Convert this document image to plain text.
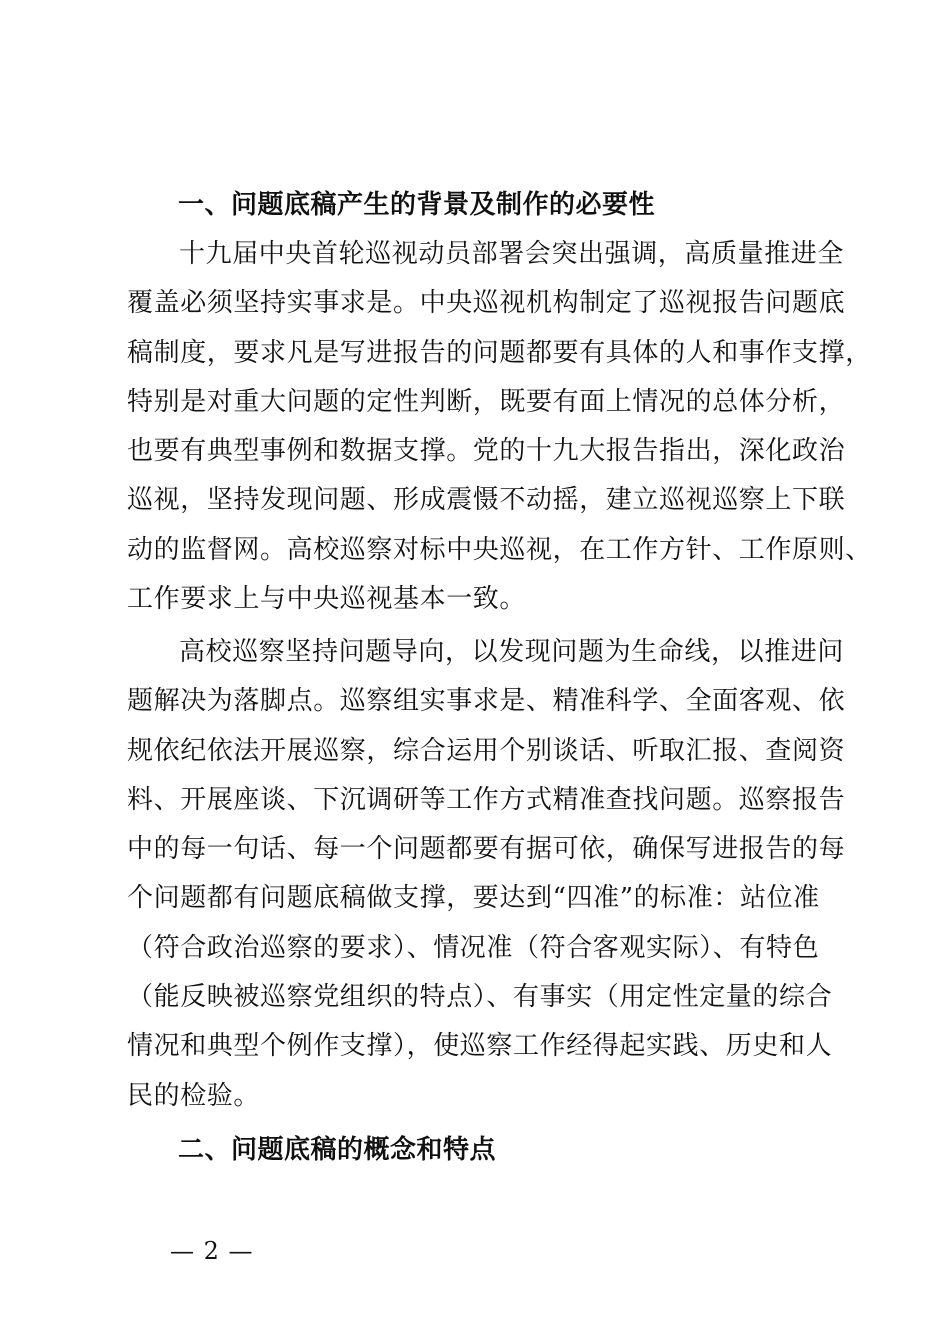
一、问题底稿产生的背景及制作的必要性
十九届中央首轮巡视动员部署会突出强调，高质量推进全
覆盖必须坚持实事求是。中央巡视机构制定了巡视报告问题底
稿制度，要求凡是写进报告的问题都要有具体的人和事作支撑，
特别是对重大问题的定性判断，既要有面上情况的总体分析，
也要有典型事例和数据支撑。党的十九大报告指出，深化政治
巡视，坚持发现问题、形成震慑不动摇，建立巡视巡察上下联
动的监督网。高校巡察对标中央巡视，在工作方针、工作原则、
工作要求上与中央巡视基本一致。
高校巡察坚持问题导向，以发现问题为生命线，以推进问
题解决为落脚点。巡察组实事求是、精准科学、全面客观、依
规依纪依法开展巡察，综合运用个别谈话、听取汇报、查阅资
料、开展座谈、下沉调研等工作方式精准查找问题。巡察报告
中的每一句话、每一个问题都要有据可依，确保写进报告的每
个问题都有问题底稿做支撑，要达到“四准”的标准：站位准
（符合政治巡察的要求）、情况准（符合客观实际）、有特色
（能反映被巡察党组织的特点）、有事实（用定性定量的综合
情况和典型个例作支撑），使巡察工作经得起实践、历史和人
民的检验。
二、问题底稿的概念和特点
— 2 —
